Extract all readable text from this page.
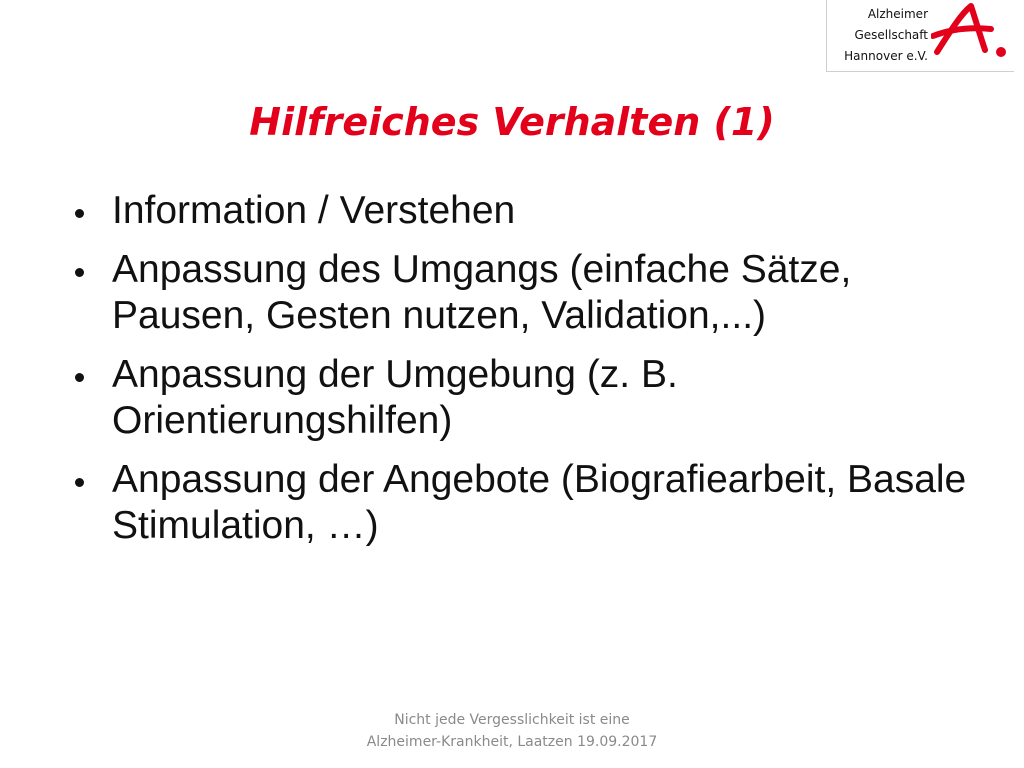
Alzheimer
Gesellschaft
Hannover e.V.
Hilfreiches Verhalten (1)
Information / Verstehen
Anpassung des Umgangs (einfache Sätze, Pausen, Gesten nutzen, Validation,...)
Anpassung der Umgebung (z. B. Orientierungshilfen)
Anpassung der Angebote (Biografiearbeit, Basale Stimulation, …)
Nicht jede Vergesslichkeit ist eine
Alzheimer-Krankheit, Laatzen 19.09.2017
